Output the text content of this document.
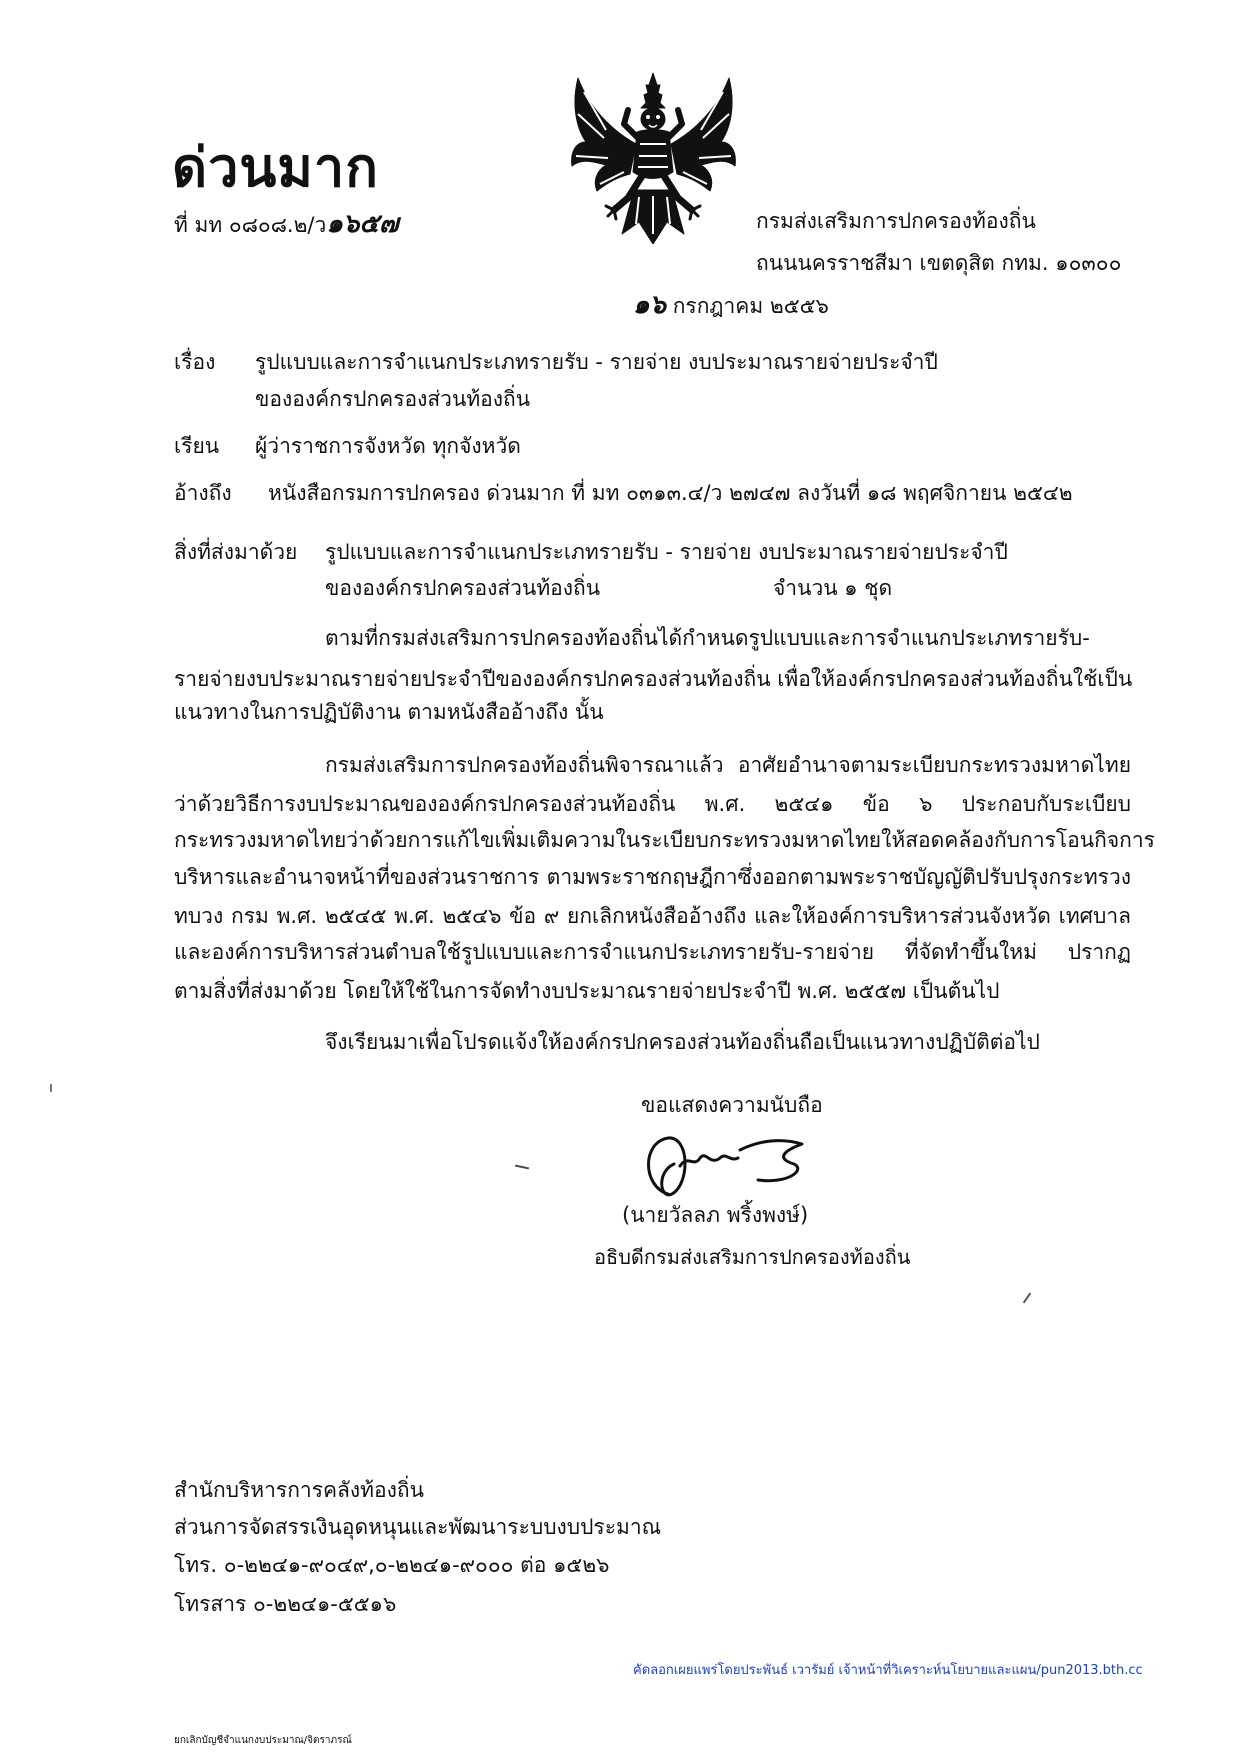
ด่วนมาก
ที่ มท ๐๘๐๘.๒/ว๑๖๕๗	กรมส่งเสริมการปกครองท้องถิ่น
ถนนนครราชสีมา เขตดุสิต กทม. ๑๐๓๐๐
๑๖ กรกฎาคม ๒๕๕๖
เรื่อง รูปแบบและการจำแนกประเภทรายรับ - รายจ่าย งบประมาณรายจ่ายประจำปี
ขององค์กรปกครองส่วนท้องถิ่น
เรียน ผู้ว่าราชการจังหวัด ทุกจังหวัด
อ้างถึง หนังสือกรมการปกครอง ด่วนมาก ที่ มท ๐๓๑๓.๔/ว ๒๗๔๗ ลงวันที่ ๑๘ พฤศจิกายน ๒๕๔๒
สิ่งที่ส่งมาด้วย รูปแบบและการจำแนกประเภทรายรับ - รายจ่าย งบประมาณรายจ่ายประจำปี
ขององค์กรปกครองส่วนท้องถิ่น	จำนวน ๑ ชุด
ตามที่กรมส่งเสริมการปกครองท้องถิ่นได้กำหนดรูปแบบและการจำแนกประเภทรายรับ-
รายจ่ายงบประมาณรายจ่ายประจำปีขององค์กรปกครองส่วนท้องถิ่น เพื่อให้องค์กรปกครองส่วนท้องถิ่นใช้เป็น
แนวทางในการปฏิบัติงาน ตามหนังสืออ้างถึง นั้น
กรมส่งเสริมการปกครองท้องถิ่นพิจารณาแล้ว อาศัยอำนาจตามระเบียบกระทรวงมหาดไทย
ว่าด้วยวิธีการงบประมาณขององค์กรปกครองส่วนท้องถิ่น พ.ศ. ๒๕๔๑ ข้อ ๖ ประกอบกับระเบียบ
กระทรวงมหาดไทยว่าด้วยการแก้ไขเพิ่มเติมความในระเบียบกระทรวงมหาดไทยให้สอดคล้องกับการโอนกิจการ
บริหารและอำนาจหน้าที่ของส่วนราชการ ตามพระราชกฤษฎีกาซึ่งออกตามพระราชบัญญัติปรับปรุงกระทรวง
ทบวง กรม พ.ศ. ๒๕๔๕ พ.ศ. ๒๕๔๖ ข้อ ๙ ยกเลิกหนังสืออ้างถึง และให้องค์การบริหารส่วนจังหวัด เทศบาล
และองค์การบริหารส่วนตำบลใช้รูปแบบและการจำแนกประเภทรายรับ-รายจ่าย ที่จัดทำขึ้นใหม่ ปรากฏ
ตามสิ่งที่ส่งมาด้วย โดยให้ใช้ในการจัดทำงบประมาณรายจ่ายประจำปี พ.ศ. ๒๕๕๗ เป็นต้นไป
จึงเรียนมาเพื่อโปรดแจ้งให้องค์กรปกครองส่วนท้องถิ่นถือเป็นแนวทางปฏิบัติต่อไป
ขอแสดงความนับถือ
(นายวัลลภ พริ้งพงษ์)
อธิบดีกรมส่งเสริมการปกครองท้องถิ่น
สำนักบริหารการคลังท้องถิ่น
ส่วนการจัดสรรเงินอุดหนุนและพัฒนาระบบงบประมาณ
โทร. ๐-๒๒๔๑-๙๐๔๙,๐-๒๒๔๑-๙๐๐๐ ต่อ ๑๕๒๖
โทรสาร ๐-๒๒๔๑-๕๕๑๖
คัดลอกเผยแพร่โดยประพันธ์ เวารัมย์ เจ้าหน้าที่วิเคราะห์นโยบายและแผน/pun2013.bth.cc
ยกเลิกบัญชีจำแนกงบประมาณ/จิตราภรณ์
